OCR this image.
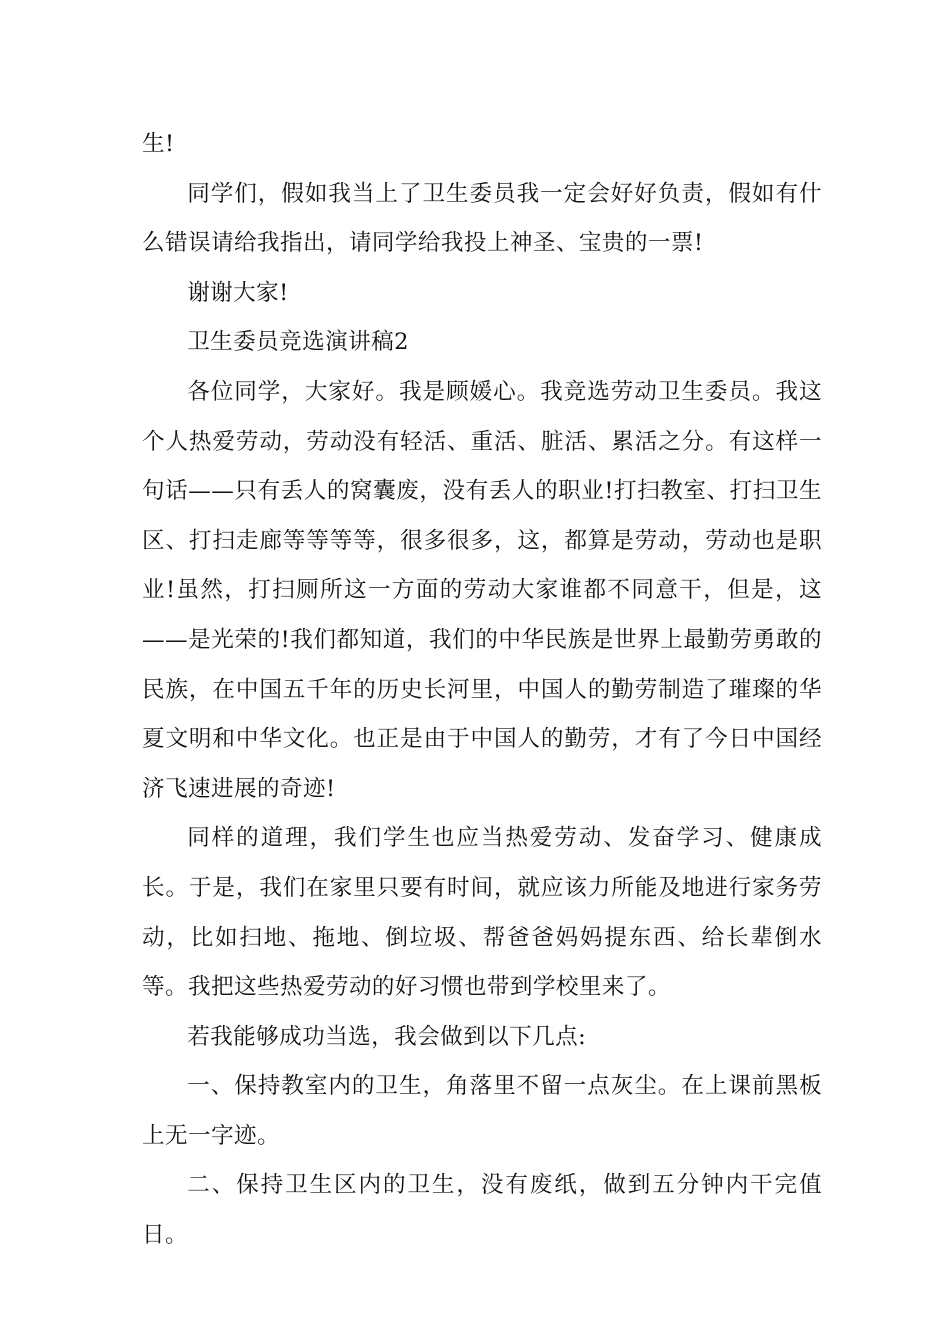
生!

同学们，假如我当上了卫生委员我一定会好好负责，假如有什么错误请给我指出，请同学给我投上神圣、宝贵的一票!

谢谢大家!

卫生委员竞选演讲稿2

各位同学，大家好。我是顾媛心。我竞选劳动卫生委员。我这个人热爱劳动，劳动没有轻活、重活、脏活、累活之分。有这样一句话——只有丢人的窝囊废，没有丢人的职业!打扫教室、打扫卫生区、打扫走廊等等等等，很多很多，这，都算是劳动，劳动也是职业!虽然，打扫厕所这一方面的劳动大家谁都不同意干，但是，这——是光荣的!我们都知道，我们的中华民族是世界上最勤劳勇敢的民族，在中国五千年的历史长河里，中国人的勤劳制造了璀璨的华夏文明和中华文化。也正是由于中国人的勤劳，才有了今日中国经济飞速进展的奇迹!

同样的道理，我们学生也应当热爱劳动、发奋学习、健康成长。于是，我们在家里只要有时间，就应该力所能及地进行家务劳动，比如扫地、拖地、倒垃圾、帮爸爸妈妈提东西、给长辈倒水等。我把这些热爱劳动的好习惯也带到学校里来了。

若我能够成功当选，我会做到以下几点:

一、保持教室内的卫生，角落里不留一点灰尘。在上课前黑板上无一字迹。

二、保持卫生区内的卫生，没有废纸，做到五分钟内干完值日。
